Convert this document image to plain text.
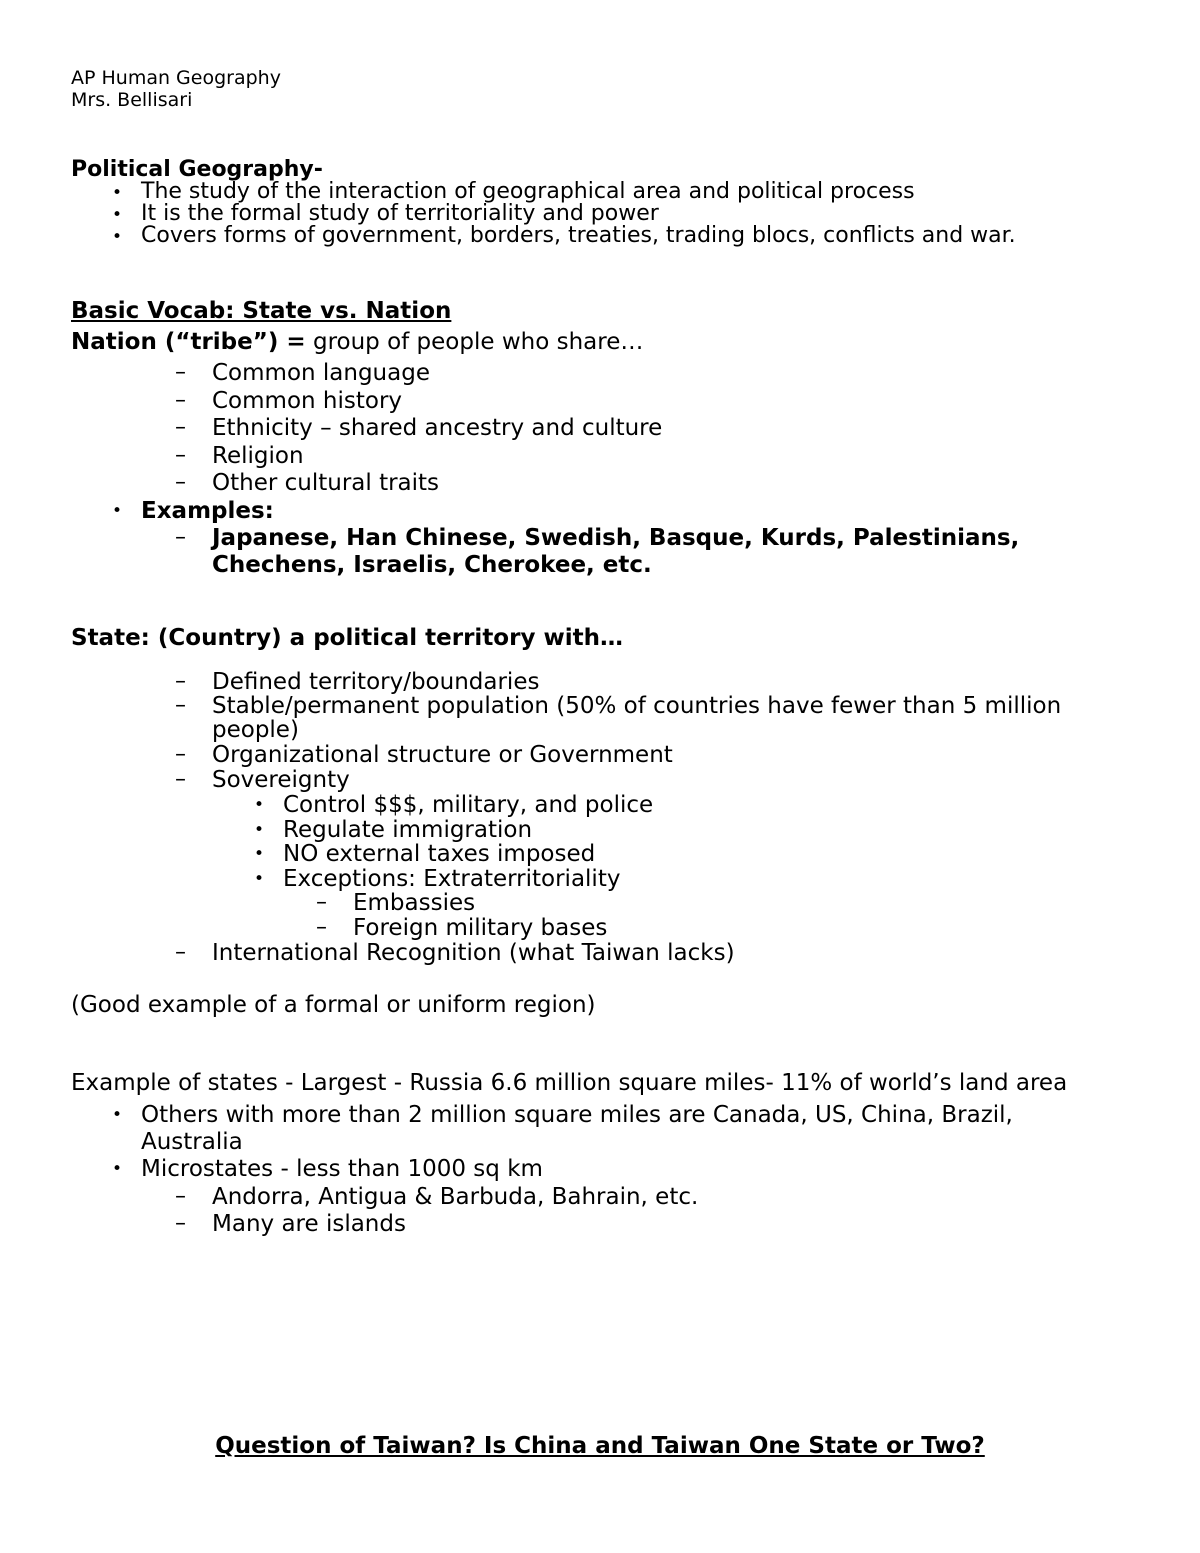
AP Human Geography
Mrs. Bellisari
Political Geography-
• The study of the interaction of geographical area and political process
• It is the formal study of territoriality and power
• Covers forms of government, borders, treaties, trading blocs, conflicts and war.
Basic Vocab: State vs. Nation
Nation (“tribe”) = group of people who share…
– Common language
– Common history
– Ethnicity – shared ancestry and culture
– Religion
– Other cultural traits
• Examples:
– Japanese, Han Chinese, Swedish, Basque, Kurds, Palestinians,
Chechens, Israelis, Cherokee, etc.
State: (Country) a political territory with…
– Defined territory/boundaries
– Stable/permanent population (50% of countries have fewer than 5 million
people)
– Organizational structure or Government
– Sovereignty
• Control $$$, military, and police
• Regulate immigration
• NO external taxes imposed
• Exceptions: Extraterritoriality
– Embassies
– Foreign military bases
– International Recognition (what Taiwan lacks)
(Good example of a formal or uniform region)
Example of states - Largest - Russia 6.6 million square miles- 11% of world’s land area
• Others with more than 2 million square miles are Canada, US, China, Brazil,
Australia
• Microstates - less than 1000 sq km
– Andorra, Antigua & Barbuda, Bahrain, etc.
– Many are islands
Question of Taiwan? Is China and Taiwan One State or Two?
